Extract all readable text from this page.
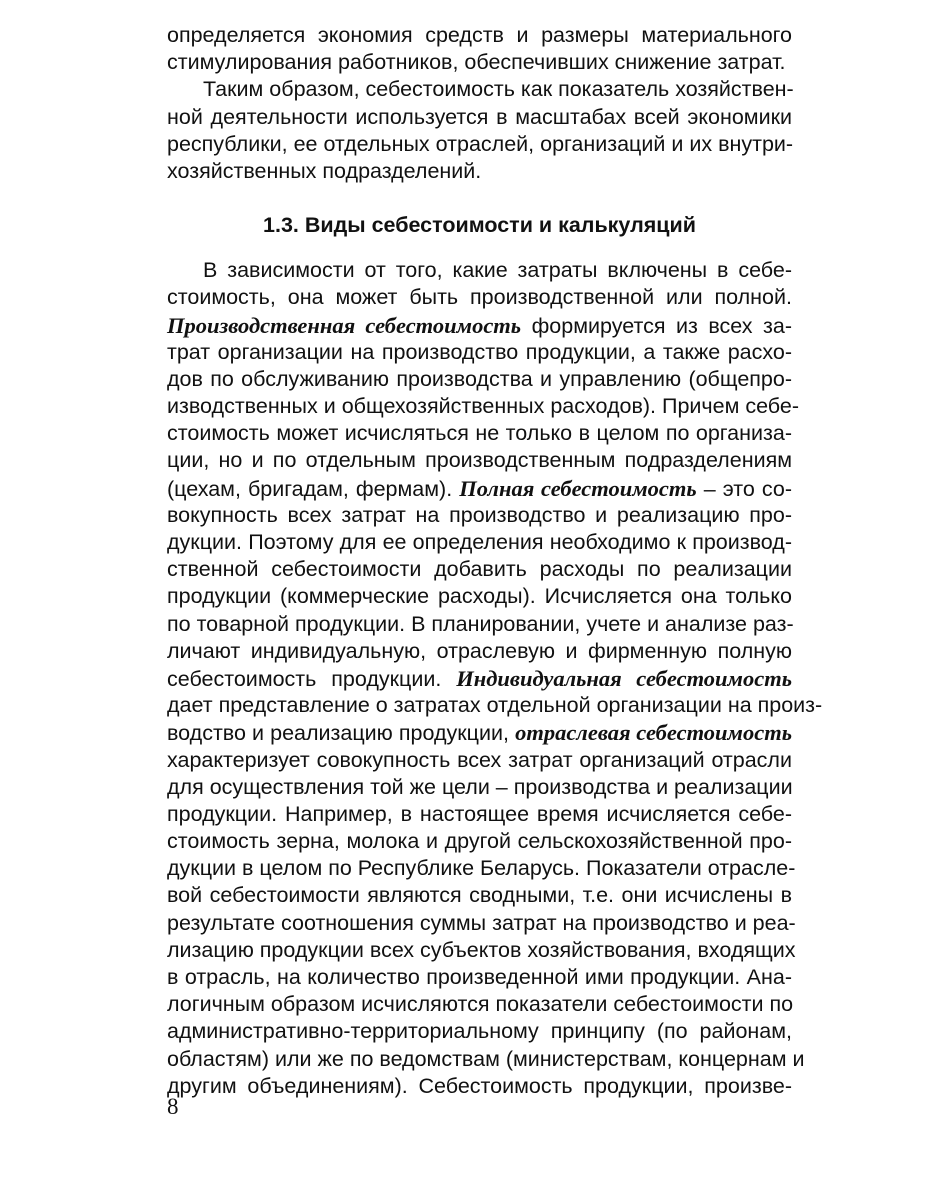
определяется экономия средств и размеры материального
стимулирования работников, обеспечивших снижение затрат.
Таким образом, себестоимость как показатель хозяйствен-
ной деятельности используется в масштабах всей экономики
республики, ее отдельных отраслей, организаций и их внутри-
хозяйственных подразделений.
1.3. Виды себестоимости и калькуляций
В зависимости от того, какие затраты включены в себе-
стоимость, она может быть производственной или полной.
Производственная себестоимость формируется из всех за-
трат организации на производство продукции, а также расхо-
дов по обслуживанию производства и управлению (общепро-
изводственных и общехозяйственных расходов). Причем себе-
стоимость может исчисляться не только в целом по организа-
ции, но и по отдельным производственным подразделениям
(цехам, бригадам, фермам). Полная себестоимость – это со-
вокупность всех затрат на производство и реализацию про-
дукции. Поэтому для ее определения необходимо к производ-
ственной себестоимости добавить расходы по реализации
продукции (коммерческие расходы). Исчисляется она только
по товарной продукции. В планировании, учете и анализе раз-
личают индивидуальную, отраслевую и фирменную полную
себестоимость продукции. Индивидуальная себестоимость
дает представление о затратах отдельной организации на произ-
водство и реализацию продукции, отраслевая себестоимость
характеризует совокупность всех затрат организаций отрасли
для осуществления той же цели – производства и реализации
продукции. Например, в настоящее время исчисляется себе-
стоимость зерна, молока и другой сельскохозяйственной про-
дукции в целом по Республике Беларусь. Показатели отрасле-
вой себестоимости являются сводными, т.е. они исчислены в
результате соотношения суммы затрат на производство и реа-
лизацию продукции всех субъектов хозяйствования, входящих
в отрасль, на количество произведенной ими продукции. Ана-
логичным образом исчисляются показатели себестоимости по
административно-территориальному принципу (по районам,
областям) или же по ведомствам (министерствам, концернам и
другим объединениям). Себестоимость продукции, произве-
8
